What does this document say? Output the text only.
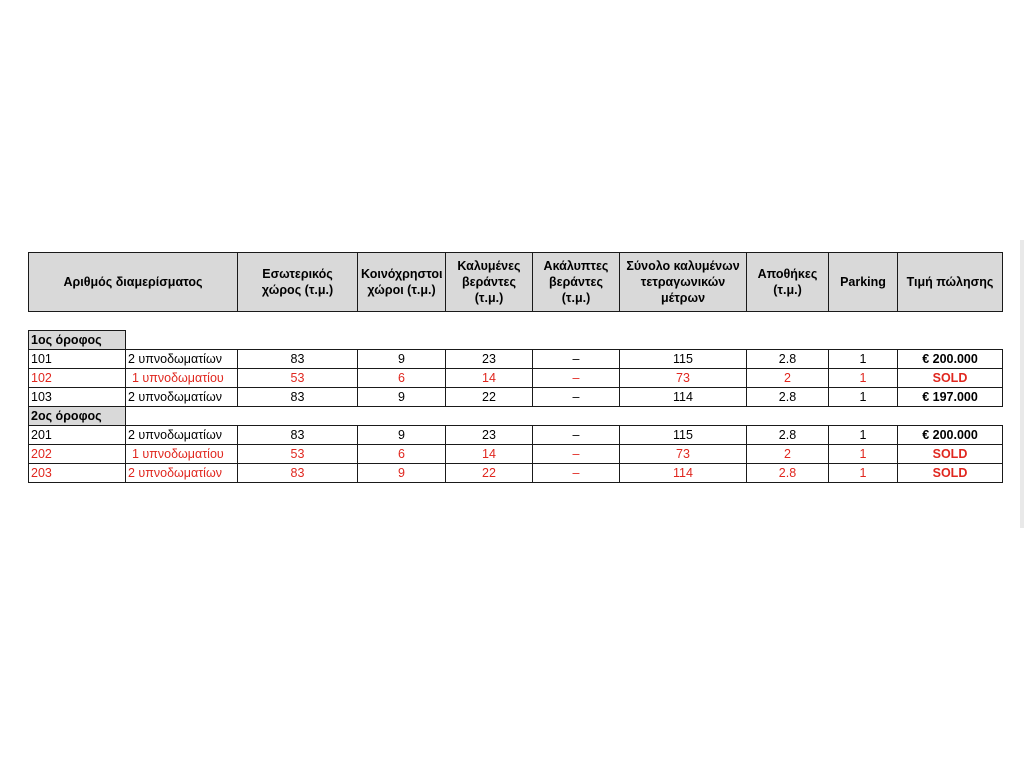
Αριθμός διαμερίσματος		Εσωτερικός χώρος (τ.μ.)	Κοινόχρηστοι χώροι (τ.μ.)	Καλυμένες βεράντες (τ.μ.)	Ακάλυπτες βεράντες (τ.μ.)	Σύνολο καλυμένων τετραγωνικών μέτρων	Αποθήκες (τ.μ.)	Parking	Τιμή πώλησης

1ος όροφος									
101	2 υπνοδωματίων	83	9	23	–	115	2.8	1	€ 200.000
102	1 υπνοδωματίου	53	6	14	–	73	2	1	SOLD
103	2 υπνοδωματίων	83	9	22	–	114	2.8	1	€ 197.000
2ος όροφος									
201	2 υπνοδωματίων	83	9	23	–	115	2.8	1	€ 200.000
202	1 υπνοδωματίου	53	6	14	–	73	2	1	SOLD
203	2 υπνοδωματίων	83	9	22	–	114	2.8	1	SOLD
